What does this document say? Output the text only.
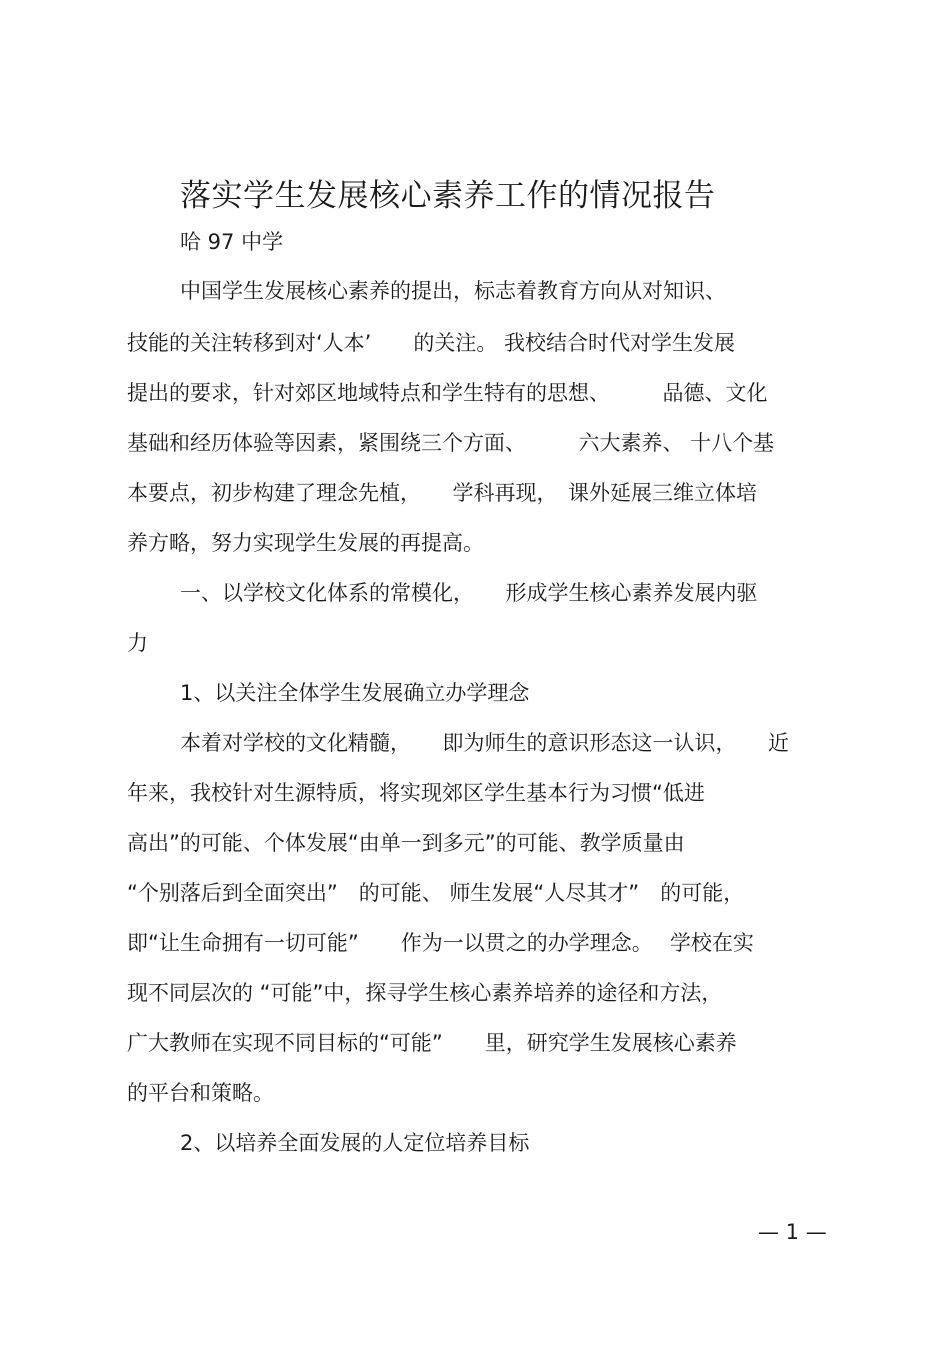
落实学生发展核心素养工作的情况报告
哈 97 中学
中国学生发展核心素养的提出，标志着教育方向从对知识、
技能的关注转移到对‘人本’　　的关注。 我校结合时代对学生发展
提出的要求，针对郊区地域特点和学生特有的思想、　　　品德、文化
基础和经历体验等因素，紧围绕三个方面、　　　六大素养、 十八个基
本要点，初步构建了理念先植，　　学科再现，　课外延展三维立体培
养方略，努力实现学生发展的再提高。
一、以学校文化体系的常模化，　　形成学生核心素养发展内驱
力
1、以关注全体学生发展确立办学理念
本着对学校的文化精髓，　　即为师生的意识形态这一认识，　　近
年来，我校针对生源特质，将实现郊区学生基本行为习惯“低进
高出”的可能、个体发展“由单一到多元”的可能、教学质量由
“个别落后到全面突出”　的可能、 师生发展“人尽其才”　的可能，
即“让生命拥有一切可能”　　作为一以贯之的办学理念。　 学校在实
现不同层次的 “可能”中，探寻学生核心素养培养的途径和方法，
广大教师在实现不同目标的“可能”　　里，研究学生发展核心素养
的平台和策略。
2、以培养全面发展的人定位培养目标
— 1 —
